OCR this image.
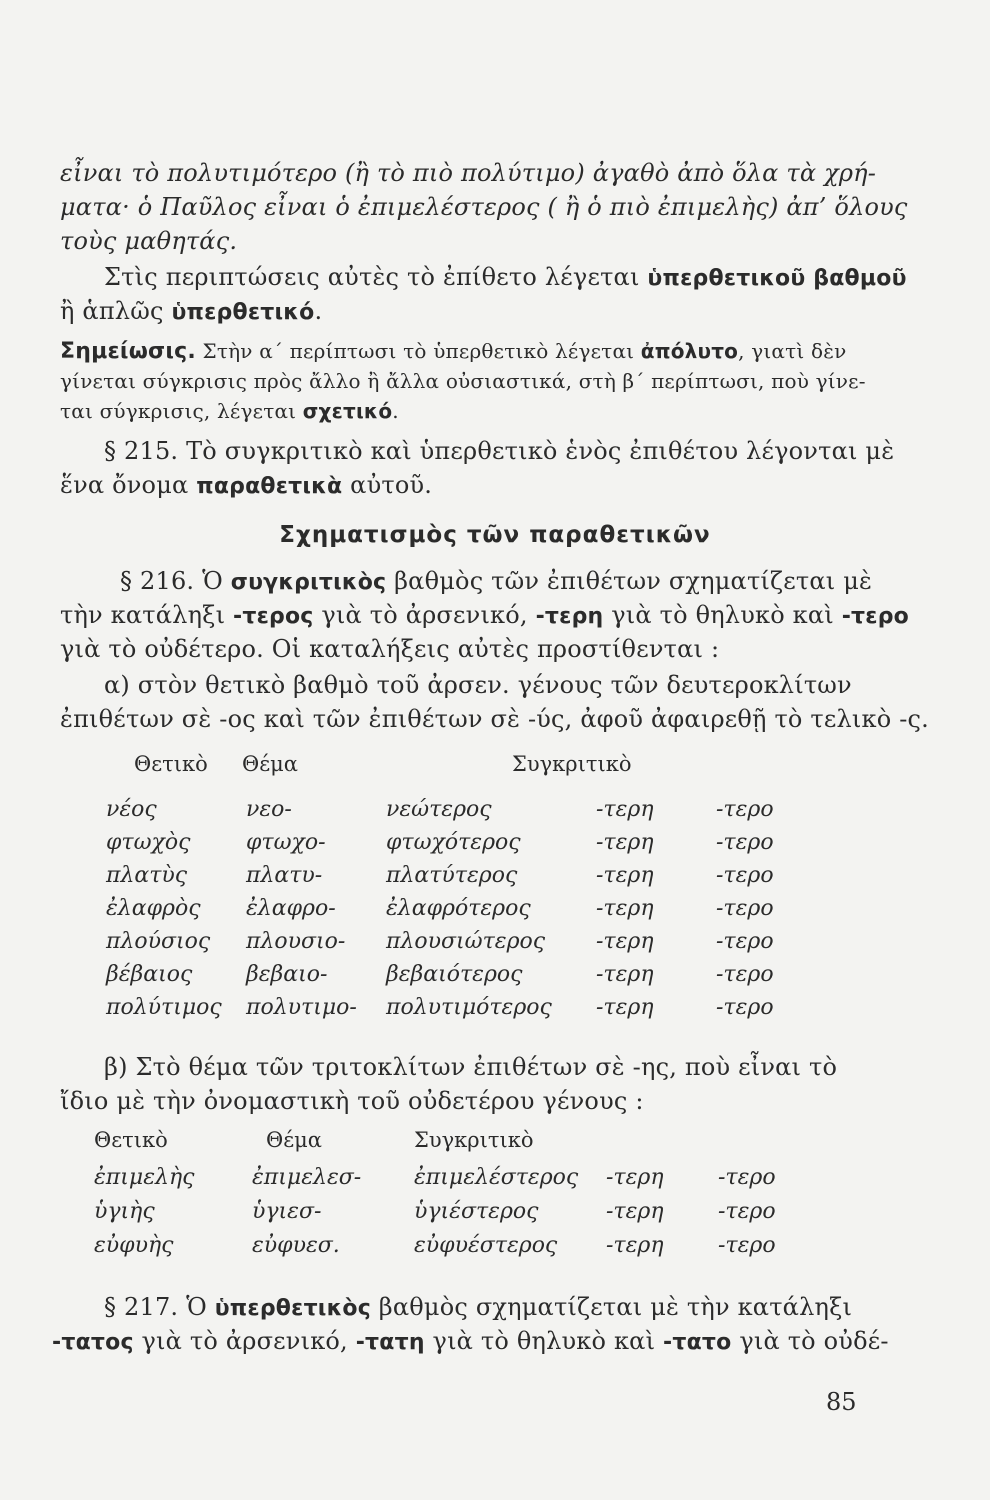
εἶναι τὸ πολυτιμότερο (ἢ τὸ πιὸ πολύτιμο) ἀγαθὸ ἀπὸ ὅλα τὰ χρή-
ματα· ὁ Παῦλος εἶναι ὁ ἐπιμελέστερος ( ἢ ὁ πιὸ ἐπιμελὴς) ἀπ’ ὅλους
τοὺς μαθητάς.
Στὶς περιπτώσεις αὐτὲς τὸ ἐπίθετο λέγεται ὑπερθετικοῦ βαθμοῦ
ἢ ἁπλῶς ὑπερθετικό.
Σημείωσις. Στὴν α΄ περίπτωσι τὸ ὑπερθετικὸ λέγεται ἀπόλυτο, γιατὶ δὲν
γίνεται σύγκρισις πρὸς ἄλλο ἢ ἄλλα οὐσιαστικά, στὴ β΄ περίπτωσι, ποὺ γίνε-
ται σύγκρισις, λέγεται σχετικό.
§ 215. Τὸ συγκριτικὸ καὶ ὑπερθετικὸ ἑνὸς ἐπιθέτου λέγονται μὲ
ἕνα ὄνομα παραθετικὰ αὐτοῦ.
Σχηματισμὸς τῶν παραθετικῶν
§ 216. Ὁ συγκριτικὸς βαθμὸς τῶν ἐπιθέτων σχηματίζεται μὲ
τὴν κατάληξι -τερος γιὰ τὸ ἀρσενικό, -τερη γιὰ τὸ θηλυκὸ καὶ -τερο
γιὰ τὸ οὐδέτερο. Οἱ καταλήξεις αὐτὲς προστίθενται :
α) στὸν θετικὸ βαθμὸ τοῦ ἀρσεν. γένους τῶν δευτεροκλίτων
ἐπιθέτων σὲ -ος καὶ τῶν ἐπιθέτων σὲ -ύς, ἀφοῦ ἀφαιρεθῇ τὸ τελικὸ -ς.
Θετικὸ Θέμα	Συγκριτικὸ
νέος	νεο-	νεώτερος	-τερη	-τερο
φτωχὸς	φτωχο-	φτωχότερος	-τερη	-τερο
πλατὺς	πλατυ-	πλατύτερος	-τερη	-τερο
ἐλαφρὸς ἐλαφρο- ἐλαφρότερος	-τερη	-τερο
πλούσιος πλουσιο- πλουσιώτερος -τερη	-τερο
βέβαιος βεβαιο-	βεβαιότερος	-τερη	-τερο
πολύτιμος πολυτιμο- πολυτιμότερος -τερη	-τερο
β) Στὸ θέμα τῶν τριτοκλίτων ἐπιθέτων σὲ -ης, ποὺ εἶναι τὸ
ἴδιο μὲ τὴν ὀνομαστικὴ τοῦ οὐδετέρου γένους :
Θετικὸ	Θέμα	Συγκριτικὸ
ἐπιμελὴς	ἐπιμελεσ- ἐπιμελέστερος -τερη -τερο
ὑγιὴς	ὑγιεσ-	ὑγιέστερος	-τερη -τερο
εὐφυὴς	εὐφυεσ.	εὐφυέστερος -τερη -τερο
§ 217. Ὁ ὑπερθετικὸς βαθμὸς σχηματίζεται μὲ τὴν κατάληξι
-τατος γιὰ τὸ ἀρσενικό, -τατη γιὰ τὸ θηλυκὸ καὶ -τατο γιὰ τὸ οὐδέ-
85
